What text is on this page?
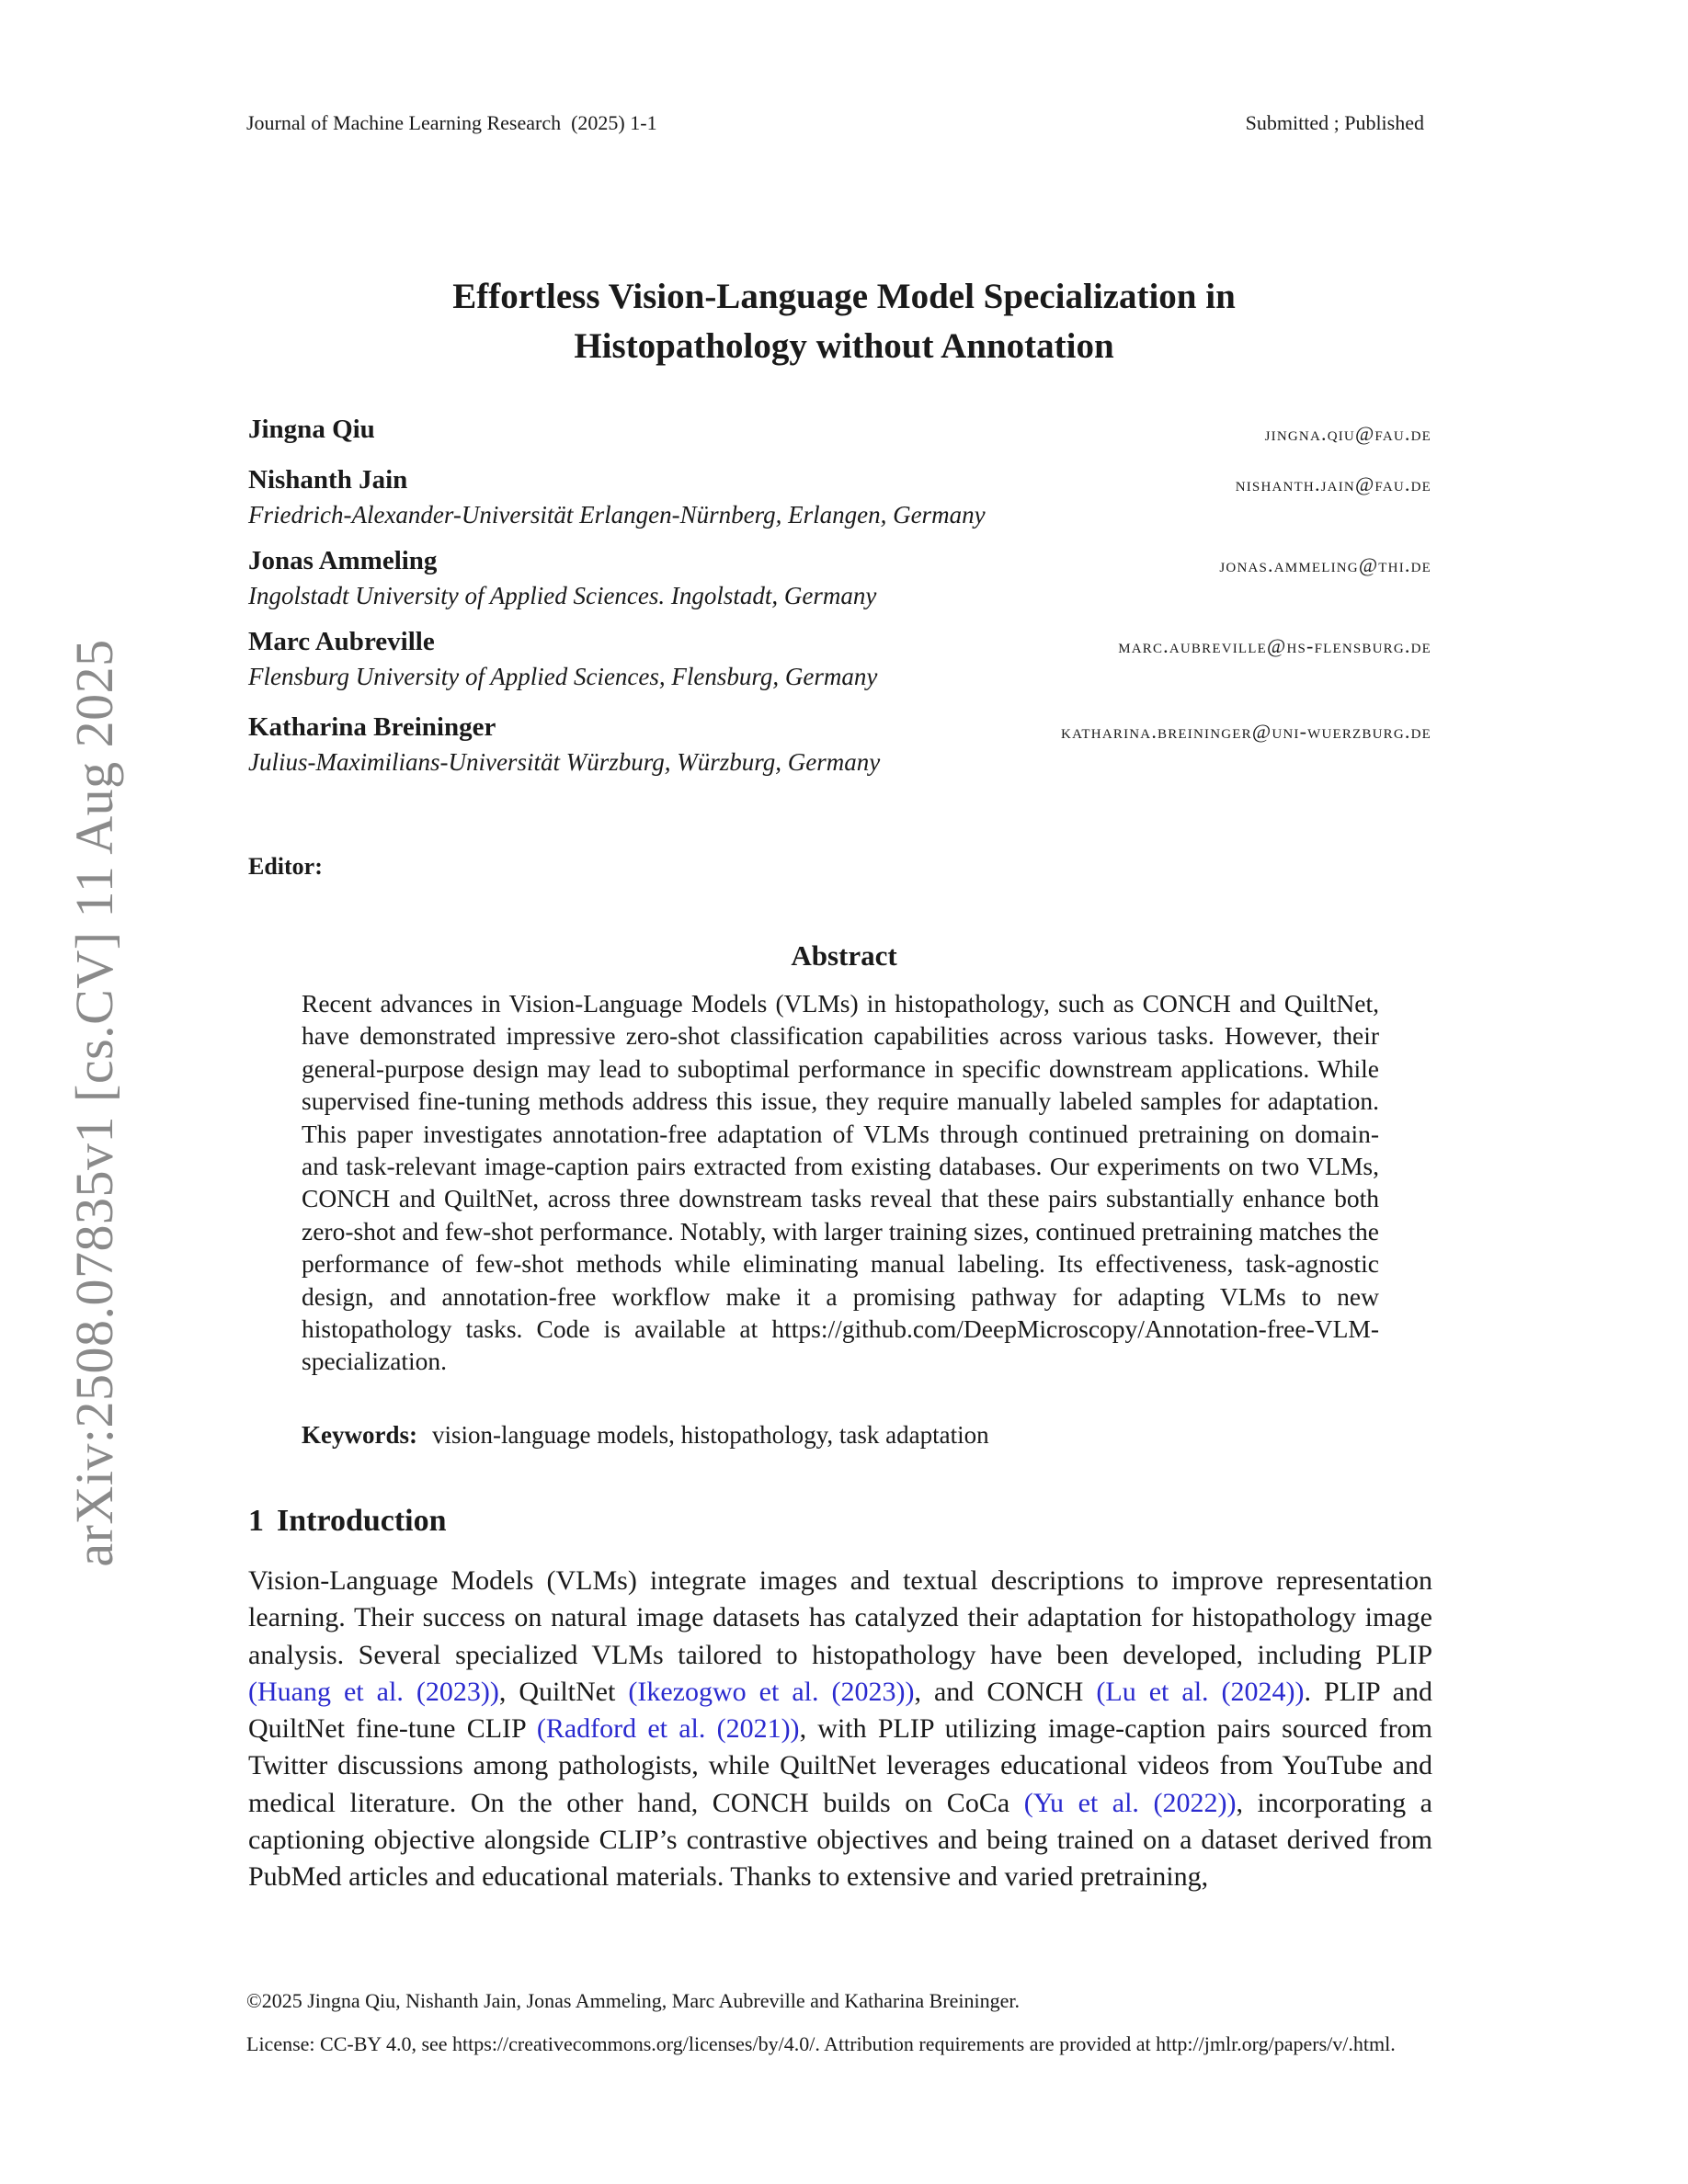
Journal of Machine Learning Research (2025) 1-1	Submitted ; Published
arXiv:2508.07835v1 [cs.CV] 11 Aug 2025
Effortless Vision-Language Model Specialization in
Histopathology without Annotation
Jingna Qiu	jingna.qiu@fau.de
Nishanth Jain	nishanth.jain@fau.de
Friedrich-Alexander-Universität Erlangen-Nürnberg, Erlangen, Germany
Jonas Ammeling	jonas.ammeling@thi.de
Ingolstadt University of Applied Sciences. Ingolstadt, Germany
Marc Aubreville	marc.aubreville@hs-flensburg.de
Flensburg University of Applied Sciences, Flensburg, Germany
Katharina Breininger	katharina.breininger@uni-wuerzburg.de
Julius-Maximilians-Universität Würzburg, Würzburg, Germany
Editor:
Abstract
Recent advances in Vision-Language Models (VLMs) in histopathology, such as CONCH and QuiltNet, have demonstrated impressive zero-shot classification capabilities across various tasks. However, their general-purpose design may lead to suboptimal performance in specific downstream applications. While supervised fine-tuning methods address this issue, they require manually labeled samples for adaptation. This paper investigates annotation-free adaptation of VLMs through continued pretraining on domain- and task-relevant image-caption pairs extracted from existing databases. Our experiments on two VLMs, CONCH and QuiltNet, across three downstream tasks reveal that these pairs substantially enhance both zero-shot and few-shot performance. Notably, with larger training sizes, continued pretraining matches the performance of few-shot methods while eliminating manual labeling. Its effectiveness, task-agnostic design, and annotation-free workflow make it a promising pathway for adapting VLMs to new histopathology tasks. Code is available at https://github.com/DeepMicroscopy/Annotation-free-VLM-specialization.
Keywords: vision-language models, histopathology, task adaptation
1 Introduction
Vision-Language Models (VLMs) integrate images and textual descriptions to improve representation learning. Their success on natural image datasets has catalyzed their adaptation for histopathology image analysis. Several specialized VLMs tailored to histopathology have been developed, including PLIP (Huang et al. (2023)), QuiltNet (Ikezogwo et al. (2023)), and CONCH (Lu et al. (2024)). PLIP and QuiltNet fine-tune CLIP (Radford et al. (2021)), with PLIP utilizing image-caption pairs sourced from Twitter discussions among pathologists, while QuiltNet leverages educational videos from YouTube and medical literature. On the other hand, CONCH builds on CoCa (Yu et al. (2022)), incorporating a captioning objective alongside CLIP’s contrastive objectives and being trained on a dataset derived from PubMed articles and educational materials. Thanks to extensive and varied pretraining,
©2025 Jingna Qiu, Nishanth Jain, Jonas Ammeling, Marc Aubreville and Katharina Breininger.
License: CC-BY 4.0, see https://creativecommons.org/licenses/by/4.0/. Attribution requirements are provided at http://jmlr.org/papers/v/.html.
